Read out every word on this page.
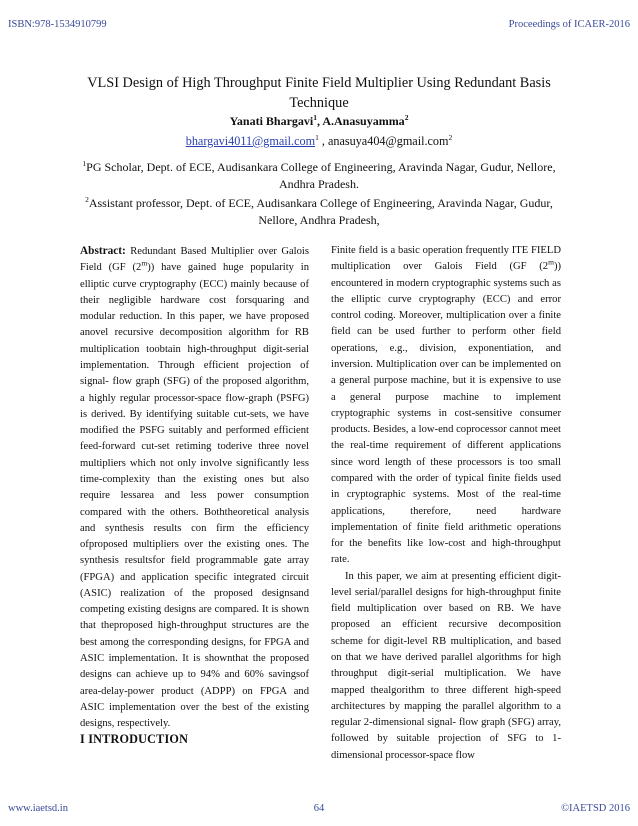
ISBN:978-1534910799	Proceedings of ICAER-2016
VLSI Design of High Throughput Finite Field Multiplier Using Redundant Basis Technique
Yanati Bhargavi$^1$, A.Anasuyamma$^2$
bhargavi4011@gmail.com$^1$ , anasuya404@gmail.com$^2$
$^1$PG Scholar, Dept. of ECE, Audisankara College of Engineering, Aravinda Nagar, Gudur, Nellore, Andhra Pradesh.
$^2$Assistant professor, Dept. of ECE, Audisankara College of Engineering, Aravinda Nagar, Gudur, Nellore, Andhra Pradesh,

Abstract: Redundant Based Multiplier over Galois Field (GF (2$^m$)) have gained huge popularity in elliptic curve cryptography (ECC) mainly because of their negligible hardware cost forsquaring and modular reduction. In this paper, we have proposed anovel recursive decomposition algorithm for RB multiplication toobtain high-throughput digit-serial implementation. Through efficient projection of signal- flow graph (SFG) of the proposed algorithm, a highly regular processor-space flow-graph (PSFG) is derived. By identifying suitable cut-sets, we have modified the PSFG suitably and performed efficient feed-forward cut-set retiming toderive three novel multipliers which not only involve significantly less time-complexity than the existing ones but also require lessarea and less power consumption compared with the others. Boththeoretical analysis and synthesis results con firm the efficiency ofproposed multipliers over the existing ones. The synthesis resultsfor field programmable gate array (FPGA) and application specific integrated circuit (ASIC) realization of the proposed designsand competing existing designs are compared. It is shown that theproposed high-throughput structures are the best among the corresponding designs, for FPGA and ASIC implementation. It is shownthat the proposed designs can achieve up to 94% and 60% savingsof area-delay-power product (ADPP) on FPGA and ASIC implementation over the best of the existing designs, respectively.

I INTRODUCTION

Finite field is a basic operation frequently ITE FIELD multiplication over Galois Field (GF (2$^m$)) encountered in modern cryptographic systems such as the elliptic curve cryptography (ECC) and error control coding. Moreover, multiplication over a finite field can be used further to perform other field operations, e.g., division, exponentiation, and inversion. Multiplication over can be implemented on a general purpose machine, but it is expensive to use a general purpose machine to implement cryptographic systems in cost-sensitive consumer products. Besides, a low-end coprocessor cannot meet the real-time requirement of different applications since word length of these processors is too small compared with the order of typical finite fields used in cryptographic systems. Most of the real-time applications, therefore, need hardware implementation of finite field arithmetic operations for the benefits like low-cost and high-throughput rate.

In this paper, we aim at presenting efficient digit-level serial/parallel designs for high-throughput finite field multiplication over based on RB. We have proposed an efficient recursive decomposition scheme for digit-level RB multiplication, and based on that we have derived parallel algorithms for high throughput digit-serial multiplication. We have mapped thealgorithm to three different high-speed architectures by mapping the parallel algorithm to a regular 2-dimensional signal- flow graph (SFG) array, followed by suitable projection of SFG to 1-dimensional processor-space flow

www.iaetsd.in	64	©IAETSD 2016
